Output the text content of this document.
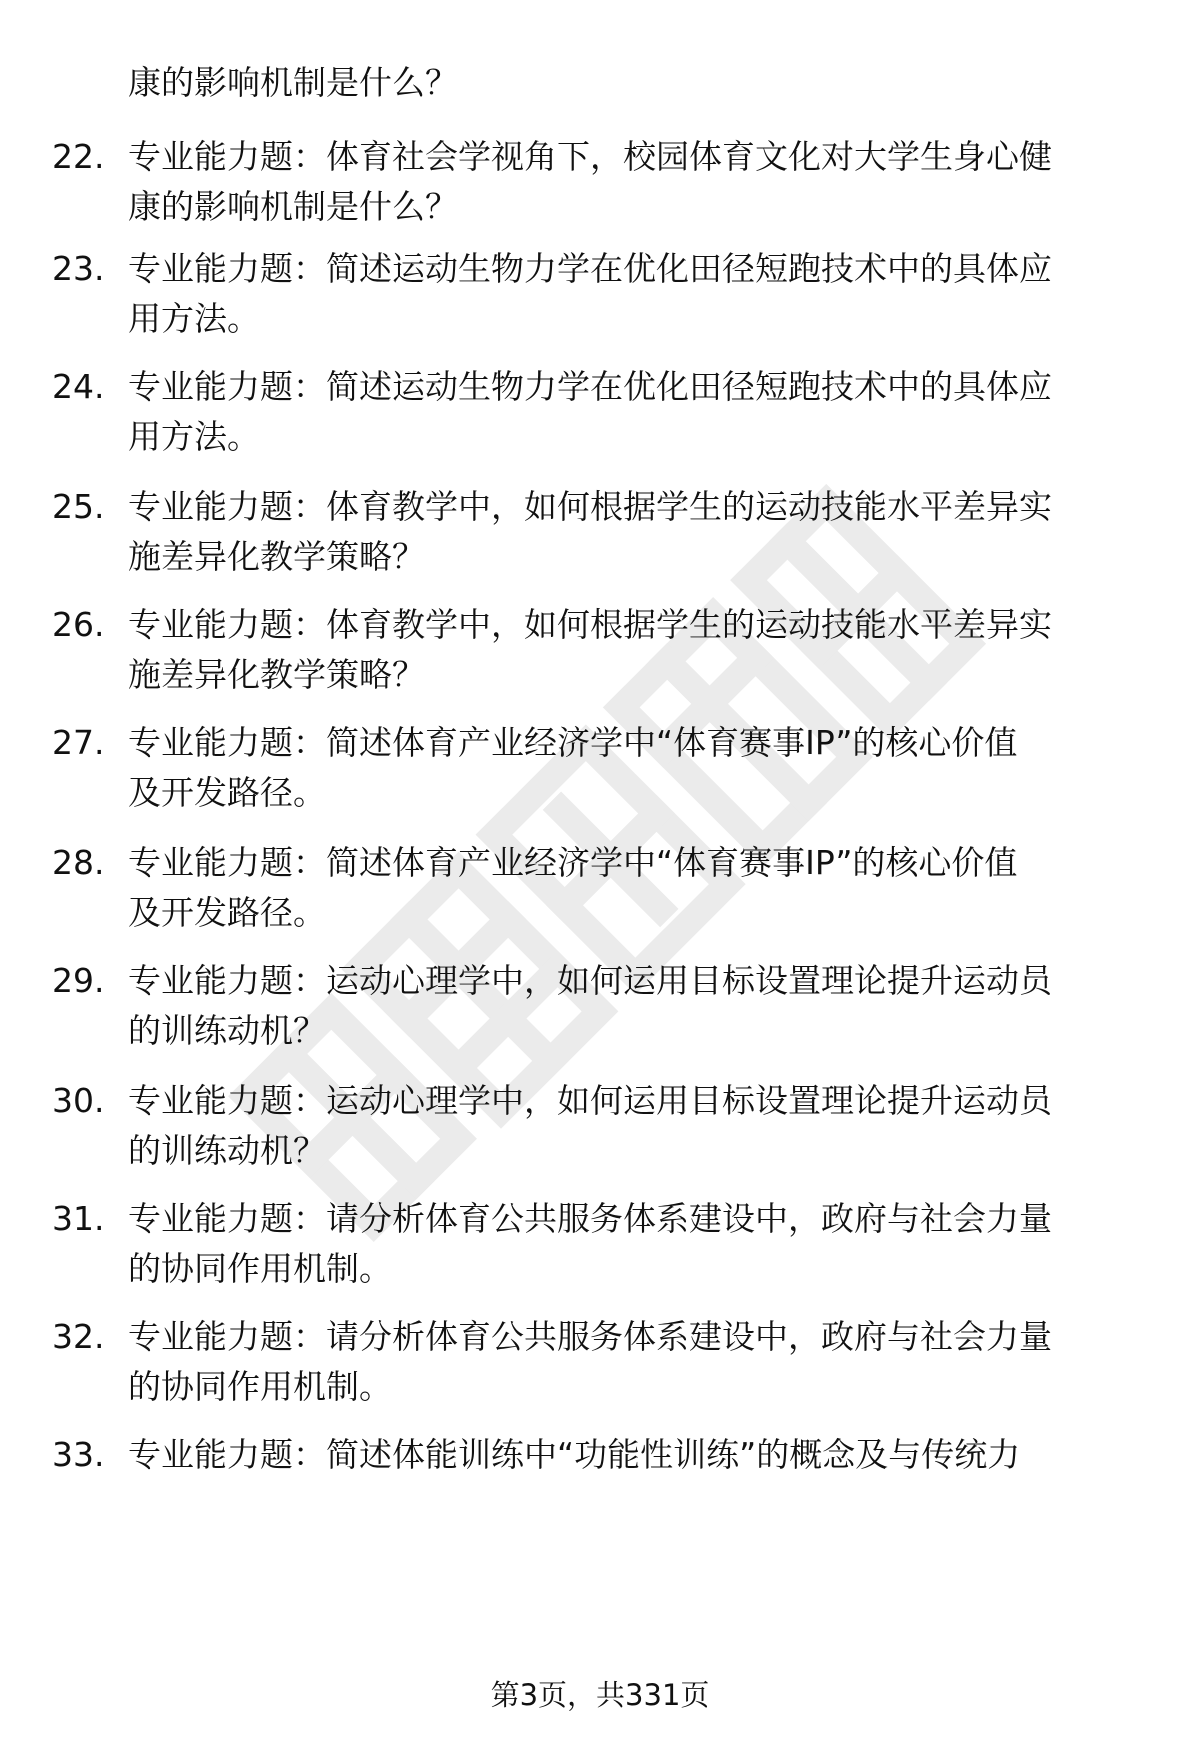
康的影响机制是什么？
22. 专业能力题：体育社会学视角下，校园体育文化对大学生身心健
康的影响机制是什么？
23. 专业能力题：简述运动生物力学在优化田径短跑技术中的具体应
用方法。
24. 专业能力题：简述运动生物力学在优化田径短跑技术中的具体应
用方法。
25. 专业能力题：体育教学中，如何根据学生的运动技能水平差异实
施差异化教学策略？
26. 专业能力题：体育教学中，如何根据学生的运动技能水平差异实
施差异化教学策略？
27. 专业能力题：简述体育产业经济学中“体育赛事IP”的核心价值
及开发路径。
28. 专业能力题：简述体育产业经济学中“体育赛事IP”的核心价值
及开发路径。
29. 专业能力题：运动心理学中，如何运用目标设置理论提升运动员
的训练动机？
30. 专业能力题：运动心理学中，如何运用目标设置理论提升运动员
的训练动机？
31. 专业能力题：请分析体育公共服务体系建设中，政府与社会力量
的协同作用机制。
32. 专业能力题：请分析体育公共服务体系建设中，政府与社会力量
的协同作用机制。
33. 专业能力题：简述体能训练中“功能性训练”的概念及与传统力
第3页，共331页
